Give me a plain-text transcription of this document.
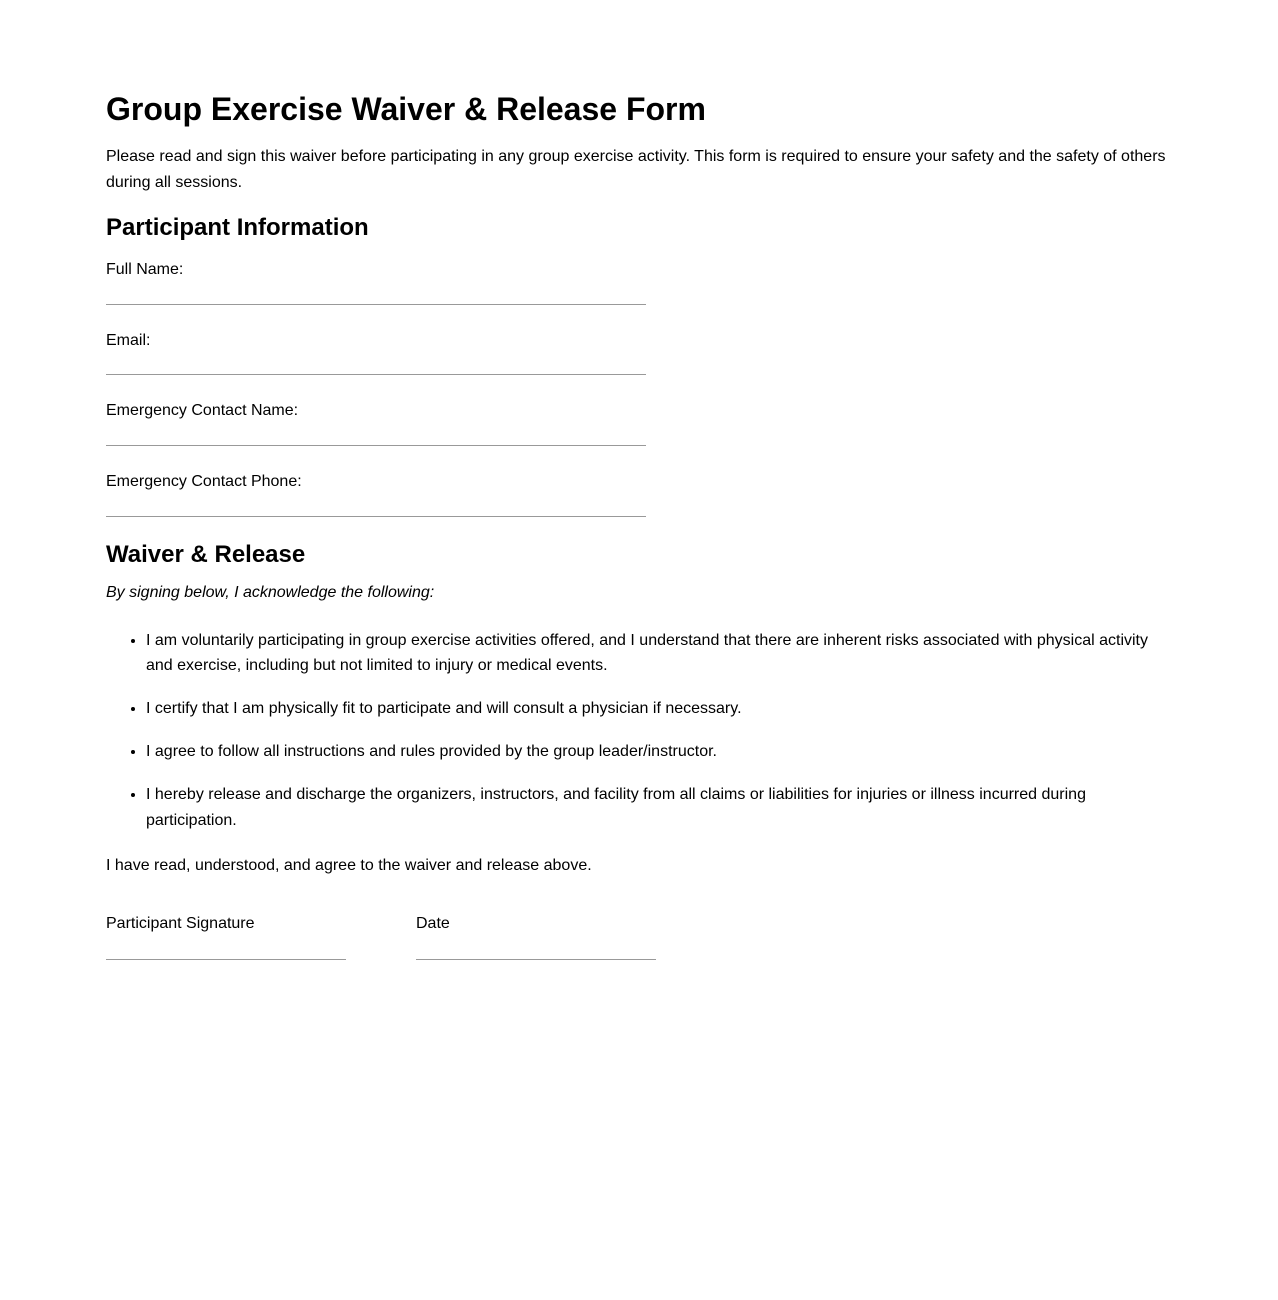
Group Exercise Waiver & Release Form
Please read and sign this waiver before participating in any group exercise activity. This form is required to ensure your safety and the safety of others during all sessions.
Participant Information
Full Name:
Email:
Emergency Contact Name:
Emergency Contact Phone:
Waiver & Release
By signing below, I acknowledge the following:
• I am voluntarily participating in group exercise activities offered, and I understand that there are inherent risks associated with physical activity and exercise, including but not limited to injury or medical events.
• I certify that I am physically fit to participate and will consult a physician if necessary.
• I agree to follow all instructions and rules provided by the group leader/instructor.
• I hereby release and discharge the organizers, instructors, and facility from all claims or liabilities for injuries or illness incurred during participation.
I have read, understood, and agree to the waiver and release above.
Participant Signature	Date
